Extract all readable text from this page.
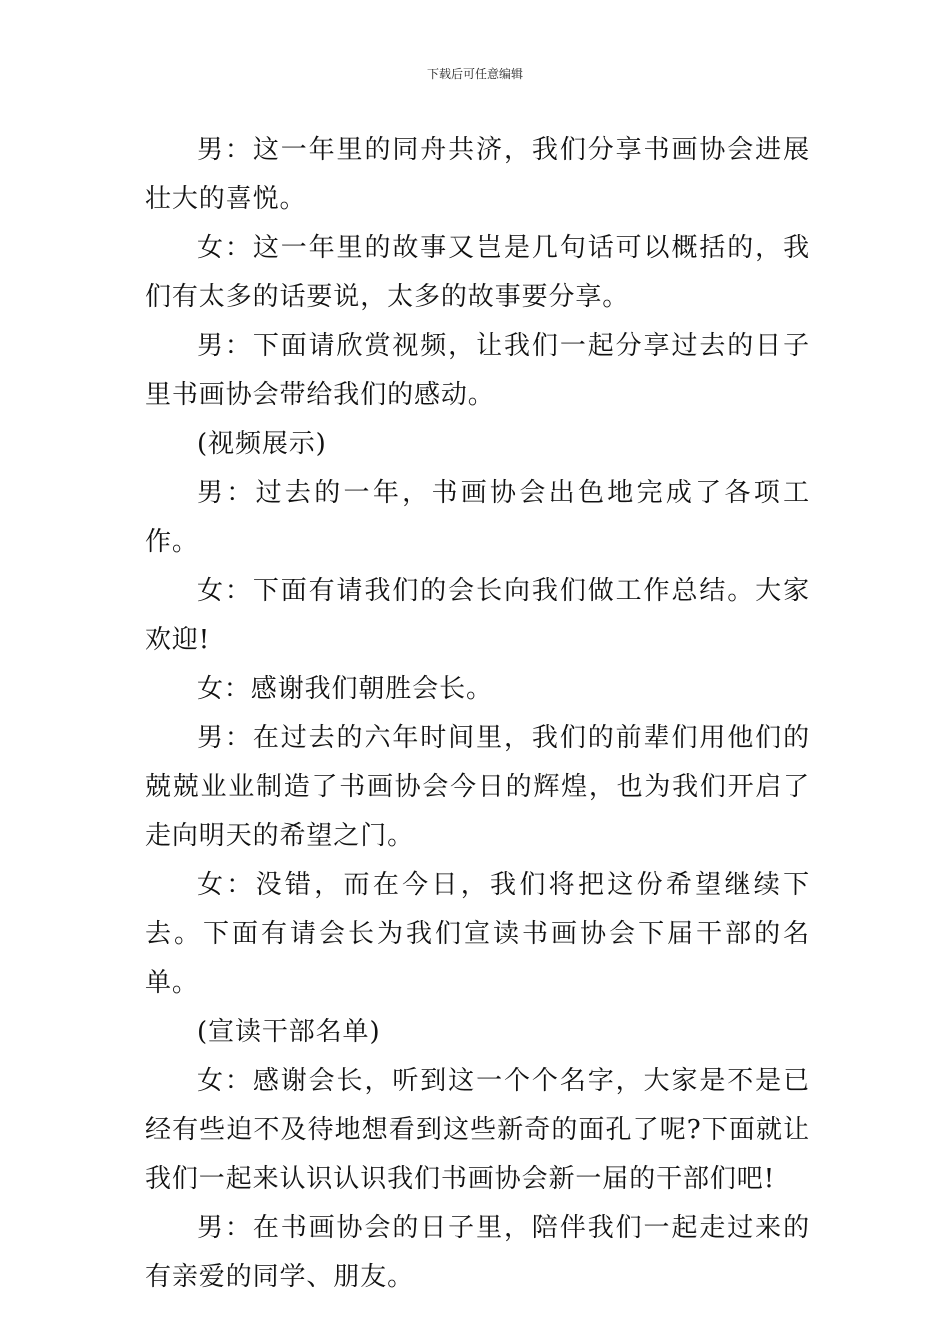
下载后可任意编辑

男：这一年里的同舟共济，我们分享书画协会进展壮大的喜悦。

女：这一年里的故事又岂是几句话可以概括的，我们有太多的话要说，太多的故事要分享。

男：下面请欣赏视频，让我们一起分享过去的日子里书画协会带给我们的感动。

(视频展示)

男：过去的一年，书画协会出色地完成了各项工作。

女：下面有请我们的会长向我们做工作总结。大家欢迎!

女：感谢我们朝胜会长。

男：在过去的六年时间里，我们的前辈们用他们的兢兢业业制造了书画协会今日的辉煌，也为我们开启了走向明天的希望之门。

女：没错，而在今日，我们将把这份希望继续下去。下面有请会长为我们宣读书画协会下届干部的名单。

(宣读干部名单)

女：感谢会长，听到这一个个名字，大家是不是已经有些迫不及待地想看到这些新奇的面孔了呢?下面就让我们一起来认识认识我们书画协会新一届的干部们吧!

男：在书画协会的日子里，陪伴我们一起走过来的有亲爱的同学、朋友。
